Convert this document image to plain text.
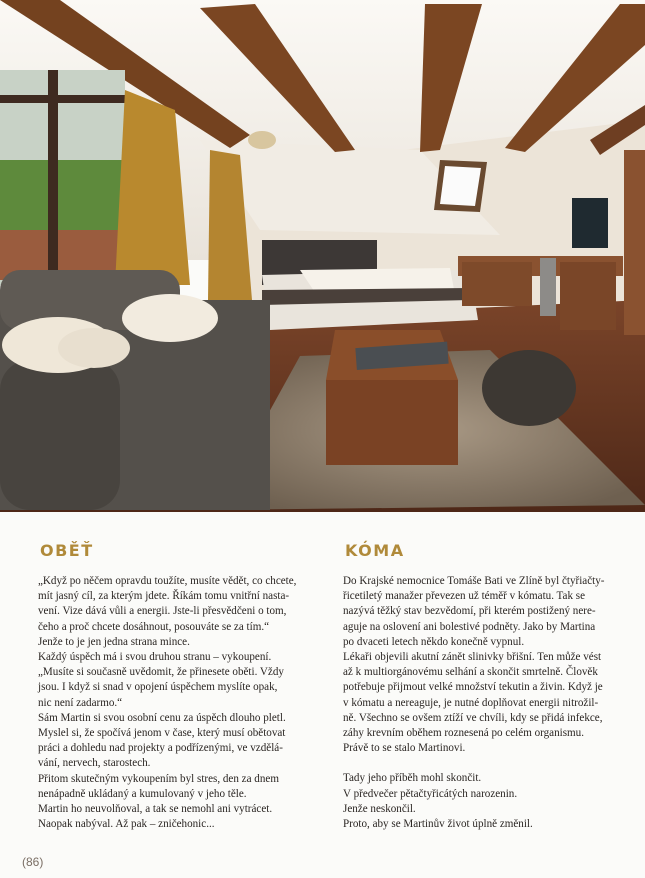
OBĚŤ

„Když po něčem opravdu toužíte, musíte vědět, co chcete,
mít jasný cíl, za kterým jdete. Říkám tomu vnitřní nasta-
vení. Vize dává vůli a energii. Jste-li přesvědčeni o tom,
čeho a proč chcete dosáhnout, posouváte se za tím.“
Jenže to je jen jedna strana mince.
Každý úspěch má i svou druhou stranu – vykoupení.
„Musíte si současně uvědomit, že přinesete oběti. Vždy
jsou. I když si snad v opojení úspěchem myslíte opak,
nic není zadarmo.“
Sám Martin si svou osobní cenu za úspěch dlouho pletl.
Myslel si, že spočívá jenom v čase, který musí obětovat
práci a dohledu nad projekty a podřízenými, ve vzdělá-
vání, nervech, starostech.
Přitom skutečným vykoupením byl stres, den za dnem
nenápadně ukládaný a kumulovaný v jeho těle.
Martin ho neuvolňoval, a tak se nemohl ani vytrácet.
Naopak nabýval. Až pak – zničehonic...

KÓMA

Do Krajské nemocnice Tomáše Bati ve Zlíně byl čtyřiačty-
řicetiletý manažer převezen už téměř v kómatu. Tak se
nazývá těžký stav bezvědomí, při kterém postižený nere-
aguje na oslovení ani bolestivé podněty. Jako by Martina
po dvaceti letech někdo konečně vypnul.
Lékaři objevili akutní zánět slinivky břišní. Ten může vést
až k multiorgánovému selhání a skončit smrtelně. Člověk
potřebuje přijmout velké množství tekutin a živin. Když je
v kómatu a nereaguje, je nutné doplňovat energii nitrožil-
ně. Všechno se ovšem ztíží ve chvíli, kdy se přidá infekce,
záhy krevním oběhem roznesená po celém organismu.
Právě to se stalo Martinovi.

Tady jeho příběh mohl skončit.
V předvečer pětačtyřicátých narozenin.
Jenže neskončil.
Proto, aby se Martinův život úplně změnil.

(86)
